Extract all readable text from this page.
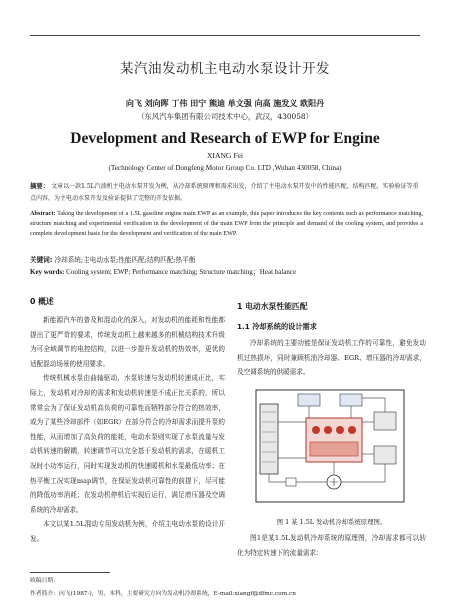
某汽油发动机主电动水泵设计开发
向飞 刘向晖 丁伟 田宁 熊迪 单文强 向高 施发义 欧阳丹
（东风汽车集团有限公司技术中心，武汉，430058）
Development and Research of EWP for Engine
XIANG Fei
(Technology Center of Dongfeng Motor Group Co. LTD ,Wuhan 430058, China)
摘要： 文章以一款1.5L汽油机主电动水泵开发为例，从冷却系统原理和需求出发，介绍了主电动水泵开发中的性能匹配、结构匹配、实验验证等重点内容，为主电动水泵开发及验证提供了完整的开发依据。
Abstract: Taking the development of a 1.5L gasoline engine main EWP as an example, this paper introduces the key contents such as performance matching, structure matching and experimental verification in the development of the main EWP from the principle and demand of the cooling system, and provides a complete development basis for the development and verification of the main EWP.
关键词: 冷却系统;主电动水泵;性能匹配;结构匹配;热平衡
Key words: Cooling system; EWP; Performance matching; Structure matching；Heat balance
0 概述

新能源汽车的普及和混动化的深入，对发动机的能耗和性能都提出了更严苛的要求，传统发动机上越来越多的机械结构技术升级为可全域调节的电控结构，以进一步提升发动机的热效率，更优的适配混动场景的使用要求。

传统机械水泵由曲轴驱动，水泵转速与发动机转速成正比，实际上，发动机对冷却的需求和发动机转速是不成正比关系的，所以常常会为了保证发动机高负荷的可靠性而牺牲部分符合的热效率，或为了某些冷却部件（如EGR）在部分符合的冷却需求而提升泵的性能，从而增加了高负荷的能耗，电动水泵则实现了水泵流量与发动机转速的解耦，转速调节可以完全基于发动机的需求，在暖机工况时小功率运行，同时实现发动机的快速暖机和水泵最低功率；在热平衡工况实现map调节，在保证发动机可靠性的前提下，尽可能的降低功率消耗；在发动机停机后实现后运行，满足增压器及空调系统的冷却需求。

本文以某1.5L混动专用发动机为例，介绍主电动水泵的设计开发。

1 电动水泵性能匹配
1.1 冷却系统的设计需求

冷却系统的主要功能是保证发动机工作的可靠性，避免发动机过热损坏，同时兼顾机油冷却器、EGR、增压器的冷却需求，及空调系统的供暖需求。

图 1 某 1.5L 发动机冷却系统原理图。

图1是某1.5L发动机冷却系统的原理图，冷却需求都可以转化为特定转速下的流量需求：

收稿日期：
作者简介：向飞(1987-)，男，本科，主要研究方向为发动机冷却系统，E-mail:xiangf@dfmc.com.cn
